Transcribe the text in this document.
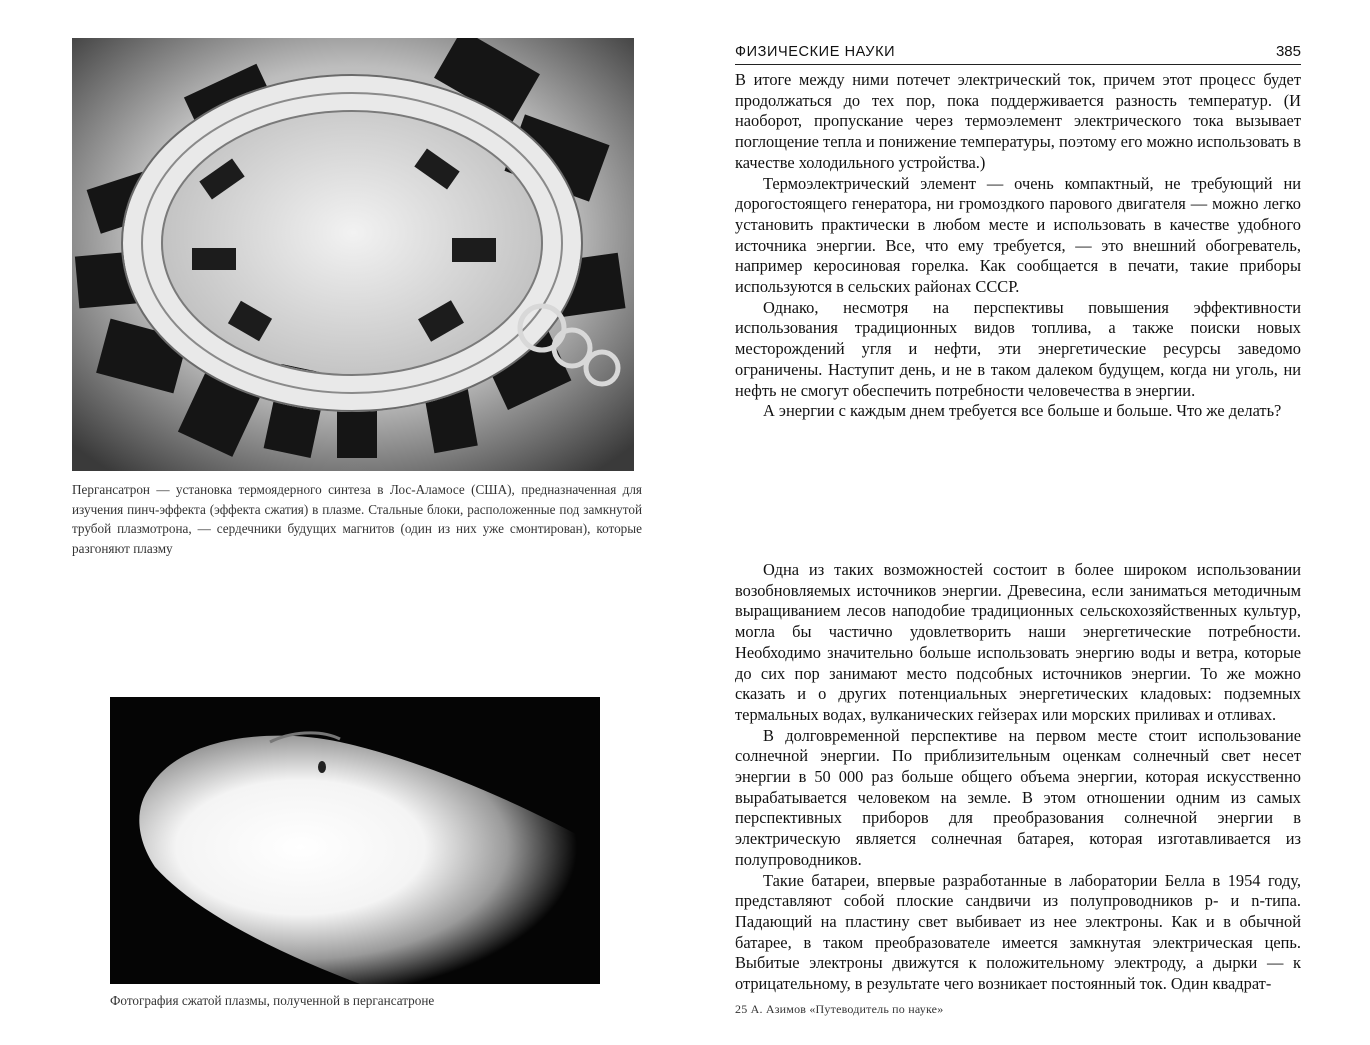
Пергансатрон — установка термоядерного синтеза в Лос-Аламосе (США), предназначенная для изучения пинч-эффекта (эффекта сжатия) в плазме. Стальные блоки, расположенные под замкнутой трубой плазмотрона, — сердечники будущих магнитов (один из них уже смонтирован), которые разгоняют плазму
Фотография сжатой плазмы, полученной в пергансатроне
ФИЗИЧЕСКИЕ НАУКИ	385

В итоге между ними потечет электрический ток, причем этот процесс будет продолжаться до тех пор, пока поддерживается разность температур. (И наоборот, пропускание через термоэлемент электрического тока вызывает поглощение тепла и понижение температуры, поэтому его можно использовать в качестве холодильного устройства.)

Термоэлектрический элемент — очень компактный, не требующий ни дорогостоящего генератора, ни громоздкого парового двигателя — можно легко установить практически в любом месте и использовать в качестве удобного источника энергии. Все, что ему требуется, — это внешний обогреватель, например керосиновая горелка. Как сообщается в печати, такие приборы используются в сельских районах СССР.

Однако, несмотря на перспективы повышения эффективности использования традиционных видов топлива, а также поиски новых месторождений угля и нефти, эти энергетические ресурсы заведомо ограничены. Наступит день, и не в таком далеком будущем, когда ни уголь, ни нефть не смогут обеспечить потребности человечества в энергии.

А энергии с каждым днем требуется все больше и больше. Что же делать?

Одна из таких возможностей состоит в более широком использовании возобновляемых источников энергии. Древесина, если заниматься методичным выращиванием лесов наподобие традиционных сельскохозяйственных культур, могла бы частично удовлетворить наши энергетические потребности. Необходимо значительно больше использовать энергию воды и ветра, которые до сих пор занимают место подсобных источников энергии. То же можно сказать и о других потенциальных энергетических кладовых: подземных термальных водах, вулканических гейзерах или морских приливах и отливах.

В долговременной перспективе на первом месте стоит использование солнечной энергии. По приблизительным оценкам солнечный свет несет энергии в 50 000 раз больше общего объема энергии, которая искусственно вырабатывается человеком на земле. В этом отношении одним из самых перспективных приборов для преобразования солнечной энергии в электрическую является солнечная батарея, которая изготавливается из полупроводников.

Такие батареи, впервые разработанные в лаборатории Белла в 1954 году, представляют собой плоские сандвичи из полупроводников p- и n-типа. Падающий на пластину свет выбивает из нее электроны. Как и в обычной батарее, в таком преобразователе имеется замкнутая электрическая цепь. Выбитые электроны движутся к положительному электроду, а дырки — к отрицательному, в результате чего возникает постоянный ток. Один квадрат-

25 А. Азимов «Путеводитель по науке»
